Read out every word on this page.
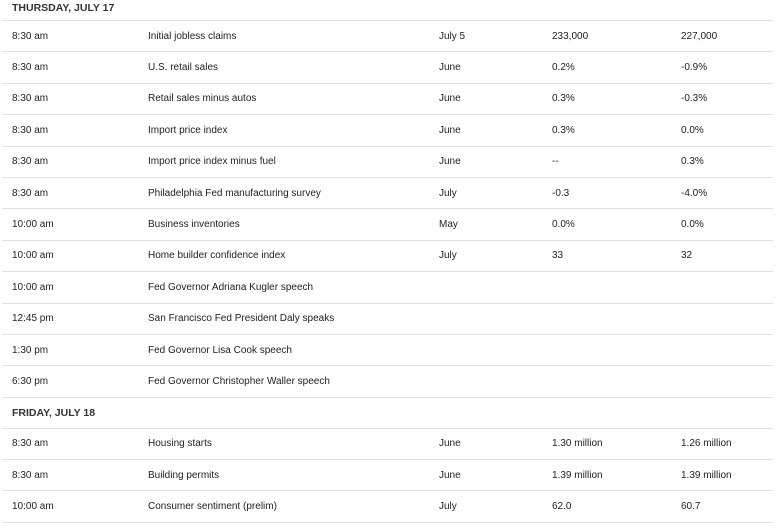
THURSDAY, JULY 17
8:30 am	Initial jobless claims	July 5	233,000	227,000
8:30 am	U.S. retail sales	June	0.2%	-0.9%
8:30 am	Retail sales minus autos	June	0.3%	-0.3%
8:30 am	Import price index	June	0.3%	0.0%
8:30 am	Import price index minus fuel	June	--	0.3%
8:30 am	Philadelphia Fed manufacturing survey	July	-0.3	-4.0%
10:00 am	Business inventories	May	0.0%	0.0%
10:00 am	Home builder confidence index	July	33	32
10:00 am	Fed Governor Adriana Kugler speech
12:45 pm	San Francisco Fed President Daly speaks
1:30 pm	Fed Governor Lisa Cook speech
6:30 pm	Fed Governor Christopher Waller speech
FRIDAY, JULY 18
8:30 am	Housing starts	June	1.30 million	1.26 million
8:30 am	Building permits	June	1.39 million	1.39 million
10:00 am	Consumer sentiment (prelim)	July	62.0	60.7
